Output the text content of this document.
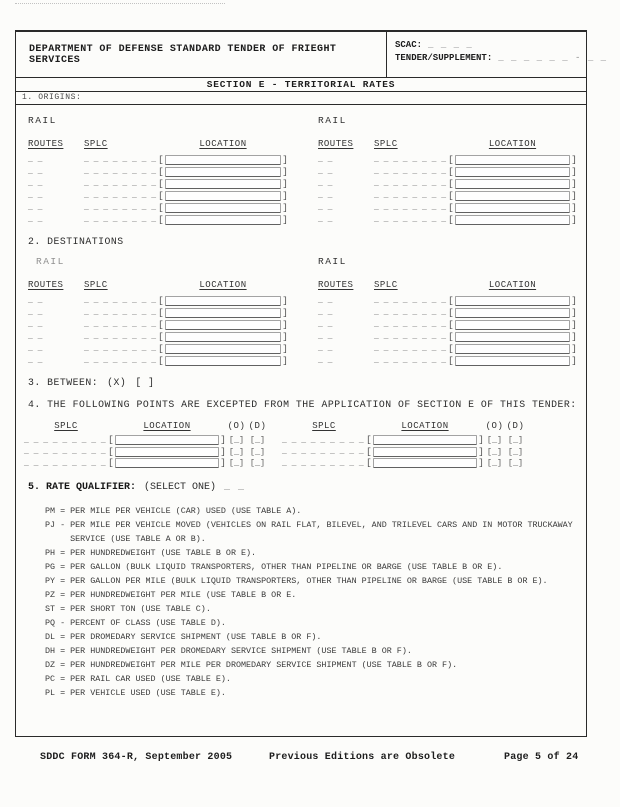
DEPARTMENT OF DEFENSE STANDARD TENDER OF FRIEGHT SERVICES
SCAC: _ _ _ _
TENDER/SUPPLEMENT: _ _ _ _ _ _ - _ _
SECTION E - TERRITORIAL RATES
1. ORIGINS:
RAIL
ROUTES	SPLC	LOCATION
_ _	_ _ _ _ _ _ _ _ [	]
_ _	_ _ _ _ _ _ _ _ [	]
_ _	_ _ _ _ _ _ _ _ [	]
_ _	_ _ _ _ _ _ _ _ [	]
_ _	_ _ _ _ _ _ _ _ [	]
_ _	_ _ _ _ _ _ _ _ [	]
RAIL
ROUTES	SPLC	LOCATION
_ _	_ _ _ _ _ _ _ _ [	]
_ _	_ _ _ _ _ _ _ _ [	]
_ _	_ _ _ _ _ _ _ _ [	]
_ _	_ _ _ _ _ _ _ _ [	]
_ _	_ _ _ _ _ _ _ _ [	]
_ _	_ _ _ _ _ _ _ _ [	]
2. DESTINATIONS
RAIL
ROUTES	SPLC	LOCATION
_ _	_ _ _ _ _ _ _ _ [	]
_ _	_ _ _ _ _ _ _ _ [	]
_ _	_ _ _ _ _ _ _ _ [	]
_ _	_ _ _ _ _ _ _ _ [	]
_ _	_ _ _ _ _ _ _ _ [	]
_ _	_ _ _ _ _ _ _ _ [	]
RAIL
ROUTES	SPLC	LOCATION
_ _	_ _ _ _ _ _ _ _ [	]
_ _	_ _ _ _ _ _ _ _ [	]
_ _	_ _ _ _ _ _ _ _ [	]
_ _	_ _ _ _ _ _ _ _ [	]
_ _	_ _ _ _ _ _ _ _ [	]
_ _	_ _ _ _ _ _ _ _ [	]
3. BETWEEN: (X) [ ]
4. THE FOLLOWING POINTS ARE EXCEPTED FROM THE APPLICATION OF SECTION E OF THIS TENDER:
SPLC	LOCATION	(O) (D)	SPLC	LOCATION	(O) (D)
_ _ _ _ _ _ _ _ _ [	] [_] [_]
_ _ _ _ _ _ _ _ _ [	] [_] [_]
_ _ _ _ _ _ _ _ _ [	] [_] [_]
_ _ _ _ _ _ _ _ _ [	] [_] [_]
_ _ _ _ _ _ _ _ _ [	] [_] [_]
_ _ _ _ _ _ _ _ _ [	] [_] [_]
5. RATE QUALIFIER: (SELECT ONE) _ _
PM = PER MILE PER VEHICLE (CAR) USED (USE TABLE A).
PJ - PER MILE PER VEHICLE MOVED (VEHICLES ON RAIL FLAT, BILEVEL, AND TRILEVEL CARS AND IN MOTOR TRUCKAWAY
SERVICE (USE TABLE A OR B).
PH = PER HUNDREDWEIGHT (USE TABLE B OR E).
PG = PER GALLON (BULK LIQUID TRANSPORTERS, OTHER THAN PIPELINE OR BARGE (USE TABLE B OR E).
PY = PER GALLON PER MILE (BULK LIQUID TRANSPORTERS, OTHER THAN PIPELINE OR BARGE (USE TABLE B OR E).
PZ = PER HUNDREDWEIGHT PER MILE (USE TABLE B OR E.
ST = PER SHORT TON (USE TABLE C).
PQ - PERCENT OF CLASS (USE TABLE D).
DL = PER DROMEDARY SERVICE SHIPMENT (USE TABLE B OR F).
DH = PER HUNDREDWEIGHT PER DROMEDARY SERVICE SHIPMENT (USE TABLE B OR F).
DZ = PER HUNDREDWEIGHT PER MILE PER DROMEDARY SERVICE SHIPMENT (USE TABLE B OR F).
PC = PER RAIL CAR USED (USE TABLE E).
PL = PER VEHICLE USED (USE TABLE E).
SDDC FORM 364-R, September 2005	Previous Editions are Obsolete	Page 5 of 24
